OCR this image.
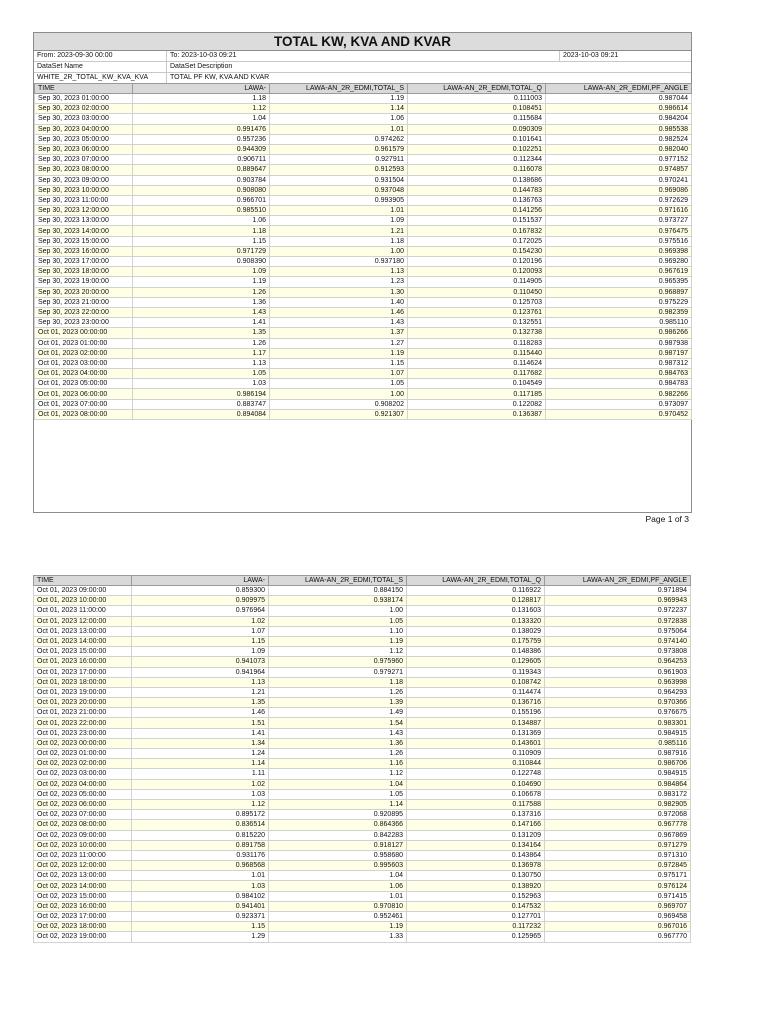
TOTAL KW, KVA AND KVAR
From: 2023-09-30 00:00	To: 2023-10-03 09:21	2023-10-03 09:21
DataSet Name	DataSet Description
WHITE_2R_TOTAL_KW_KVA_KVA	TOTAL PF KW, KVA AND KVAR
TIME	LAWA-	LAWA-AN_2R_EDMI,TOTAL_S	LAWA-AN_2R_EDMI,TOTAL_Q	LAWA-AN_2R_EDMI,PF_ANGLE
Sep 30, 2023 01:00:00	1.18	1.19	0.111003	0.987044
Sep 30, 2023 02:00:00	1.12	1.14	0.108451	0.986614
Sep 30, 2023 03:00:00	1.04	1.06	0.115684	0.984204
Sep 30, 2023 04:00:00	0.991476	1.01	0.090309	0.985538
Sep 30, 2023 05:00:00	0.957236	0.974262	0.101641	0.982524
Sep 30, 2023 06:00:00	0.944309	0.961579	0.102251	0.982040
Sep 30, 2023 07:00:00	0.906711	0.927911	0.112344	0.977152
Sep 30, 2023 08:00:00	0.889647	0.912593	0.116078	0.974857
Sep 30, 2023 09:00:00	0.903784	0.931504	0.138686	0.970241
Sep 30, 2023 10:00:00	0.908080	0.937048	0.144783	0.969086
Sep 30, 2023 11:00:00	0.966701	0.993905	0.136763	0.972629
Sep 30, 2023 12:00:00	0.985510	1.01	0.141256	0.971616
Sep 30, 2023 13:00:00	1.06	1.09	0.151537	0.973727
Sep 30, 2023 14:00:00	1.18	1.21	0.167832	0.976475
Sep 30, 2023 15:00:00	1.15	1.18	0.172025	0.975516
Sep 30, 2023 16:00:00	0.971729	1.00	0.154230	0.969398
Sep 30, 2023 17:00:00	0.908390	0.937180	0.120196	0.969280
Sep 30, 2023 18:00:00	1.09	1.13	0.120093	0.967619
Sep 30, 2023 19:00:00	1.19	1.23	0.114905	0.965395
Sep 30, 2023 20:00:00	1.26	1.30	0.110450	0.968897
Sep 30, 2023 21:00:00	1.36	1.40	0.125703	0.975229
Sep 30, 2023 22:00:00	1.43	1.46	0.123761	0.982359
Sep 30, 2023 23:00:00	1.41	1.43	0.132551	0.985110
Oct 01, 2023 00:00:00	1.35	1.37	0.132738	0.986266
Oct 01, 2023 01:00:00	1.26	1.27	0.118283	0.987938
Oct 01, 2023 02:00:00	1.17	1.19	0.115440	0.987197
Oct 01, 2023 03:00:00	1.13	1.15	0.114624	0.987312
Oct 01, 2023 04:00:00	1.05	1.07	0.117682	0.984763
Oct 01, 2023 05:00:00	1.03	1.05	0.104549	0.984783
Oct 01, 2023 06:00:00	0.986194	1.00	0.117185	0.982266
Oct 01, 2023 07:00:00	0.883747	0.908202	0.122082	0.973097
Oct 01, 2023 08:00:00	0.894084	0.921307	0.136387	0.970452
Page 1 of 3
TIME	LAWA-	LAWA-AN_2R_EDMI,TOTAL_S	LAWA-AN_2R_EDMI,TOTAL_Q	LAWA-AN_2R_EDMI,PF_ANGLE
Oct 01, 2023 09:00:00	0.859300	0.884150	0.116922	0.971894
Oct 01, 2023 10:00:00	0.909975	0.938174	0.128817	0.969943
Oct 01, 2023 11:00:00	0.976964	1.00	0.131603	0.972237
Oct 01, 2023 12:00:00	1.02	1.05	0.133320	0.972838
Oct 01, 2023 13:00:00	1.07	1.10	0.138029	0.975064
Oct 01, 2023 14:00:00	1.15	1.19	0.175759	0.974140
Oct 01, 2023 15:00:00	1.09	1.12	0.148386	0.973808
Oct 01, 2023 16:00:00	0.941073	0.975960	0.129605	0.964253
Oct 01, 2023 17:00:00	0.941964	0.979271	0.119343	0.961903
Oct 01, 2023 18:00:00	1.13	1.18	0.108742	0.963998
Oct 01, 2023 19:00:00	1.21	1.26	0.114474	0.964293
Oct 01, 2023 20:00:00	1.35	1.39	0.136716	0.970366
Oct 01, 2023 21:00:00	1.46	1.49	0.155196	0.976675
Oct 01, 2023 22:00:00	1.51	1.54	0.134887	0.983301
Oct 01, 2023 23:00:00	1.41	1.43	0.131369	0.984915
Oct 02, 2023 00:00:00	1.34	1.36	0.143601	0.985116
Oct 02, 2023 01:00:00	1.24	1.26	0.110909	0.987916
Oct 02, 2023 02:00:00	1.14	1.16	0.110844	0.986706
Oct 02, 2023 03:00:00	1.11	1.12	0.122748	0.984915
Oct 02, 2023 04:00:00	1.02	1.04	0.104690	0.984864
Oct 02, 2023 05:00:00	1.03	1.05	0.106678	0.983172
Oct 02, 2023 06:00:00	1.12	1.14	0.117588	0.982905
Oct 02, 2023 07:00:00	0.895172	0.920895	0.137316	0.972068
Oct 02, 2023 08:00:00	0.836514	0.864366	0.147166	0.967778
Oct 02, 2023 09:00:00	0.815220	0.842283	0.131209	0.967869
Oct 02, 2023 10:00:00	0.891758	0.918127	0.134164	0.971279
Oct 02, 2023 11:00:00	0.931176	0.958680	0.143864	0.971310
Oct 02, 2023 12:00:00	0.968568	0.995603	0.136978	0.972845
Oct 02, 2023 13:00:00	1.01	1.04	0.130750	0.975171
Oct 02, 2023 14:00:00	1.03	1.06	0.138920	0.976124
Oct 02, 2023 15:00:00	0.984102	1.01	0.152963	0.971415
Oct 02, 2023 16:00:00	0.941401	0.970810	0.147532	0.969707
Oct 02, 2023 17:00:00	0.923371	0.952461	0.127701	0.969458
Oct 02, 2023 18:00:00	1.15	1.19	0.117232	0.967016
Oct 02, 2023 19:00:00	1.29	1.33	0.125965	0.967770
